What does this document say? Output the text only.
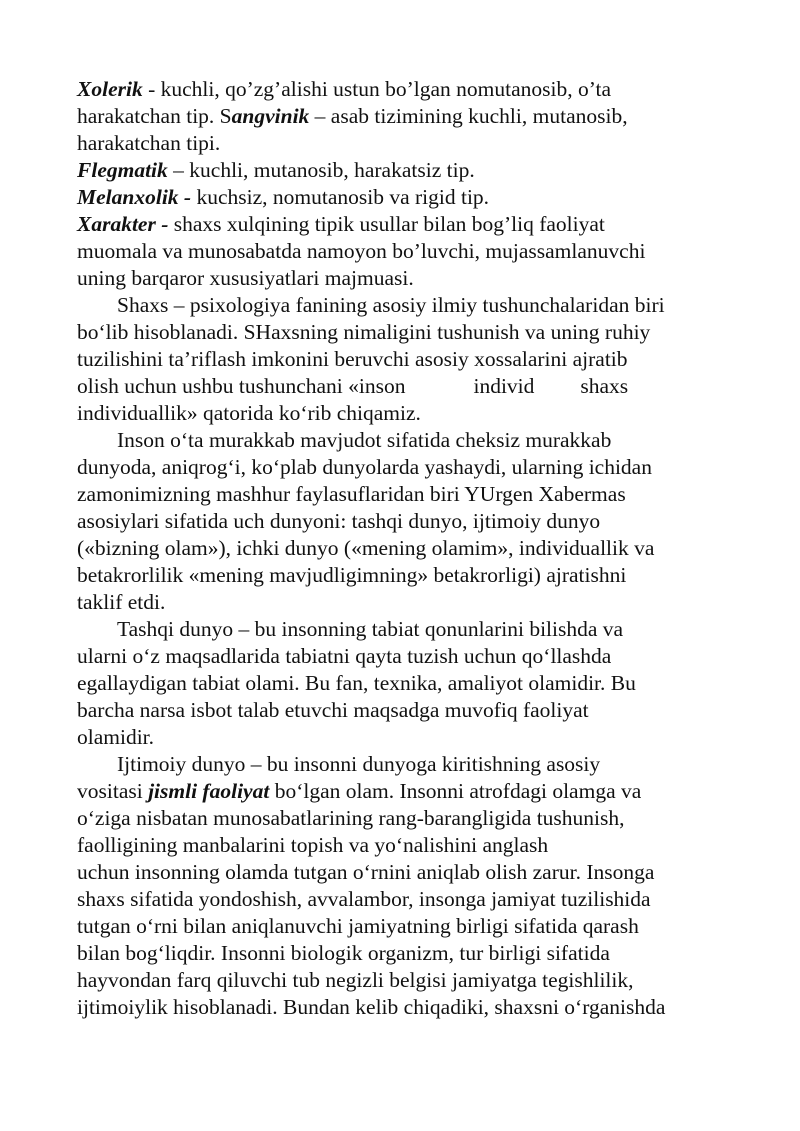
Xolerik - kuchli, qo’zg’alishi ustun bo’lgan nomutanosib, o’ta
harakatchan tip. Sangvinik – asab tizimining kuchli, mutanosib,
harakatchan tipi.
Flegmatik – kuchli, mutanosib, harakatsiz tip.
Melanxolik - kuchsiz, nomutanosib va rigid tip.
Xarakter - shaxs xulqining tipik usullar bilan bog’liq faoliyat
muomala va munosabatda namoyon bo’luvchi, mujassamlanuvchi
uning barqaror xususiyatlari majmuasi.
Shaxs – psixologiya fanining asosiy ilmiy tushunchalaridan biri
bo‘lib hisoblanadi. SHaxsning nimaligini tushunish va uning ruhiy
tuzilishini ta’riflash imkonini beruvchi asosiy xossalarini ajratib
olish uchun ushbu tushunchani «inson	individ shaxs
individuallik» qatorida ko‘rib chiqamiz.
Inson o‘ta murakkab mavjudot sifatida cheksiz murakkab
dunyoda, aniqrog‘i, ko‘plab dunyolarda yashaydi, ularning ichidan
zamonimizning mashhur faylasuflaridan biri YUrgen Xabermas
asosiylari sifatida uch dunyoni: tashqi dunyo, ijtimoiy dunyo
(«bizning olam»), ichki dunyo («mening olamim», individuallik va
betakrorlilik «mening mavjudligimning» betakrorligi) ajratishni
taklif etdi.
Tashqi dunyo – bu insonning tabiat qonunlarini bilishda va
ularni o‘z maqsadlarida tabiatni qayta tuzish uchun qo‘llashda
egallaydigan tabiat olami. Bu fan, texnika, amaliyot olamidir. Bu
barcha narsa isbot talab etuvchi maqsadga muvofiq faoliyat
olamidir.
Ijtimoiy dunyo – bu insonni dunyoga kiritishning asosiy
vositasi jismli faoliyat bo‘lgan olam. Insonni atrofdagi olamga va
o‘ziga nisbatan munosabatlarining rang-barangligida tushunish,
faolligining manbalarini topish va yo‘nalishini anglash
uchun insonning olamda tutgan o‘rnini aniqlab olish zarur. Insonga
shaxs sifatida yondoshish, avvalambor, insonga jamiyat tuzilishida
tutgan o‘rni bilan aniqlanuvchi jamiyatning birligi sifatida qarash
bilan bog‘liqdir. Insonni biologik organizm, tur birligi sifatida
hayvondan farq qiluvchi tub negizli belgisi jamiyatga tegishlilik,
ijtimoiylik hisoblanadi. Bundan kelib chiqadiki, shaxsni o‘rganishda
